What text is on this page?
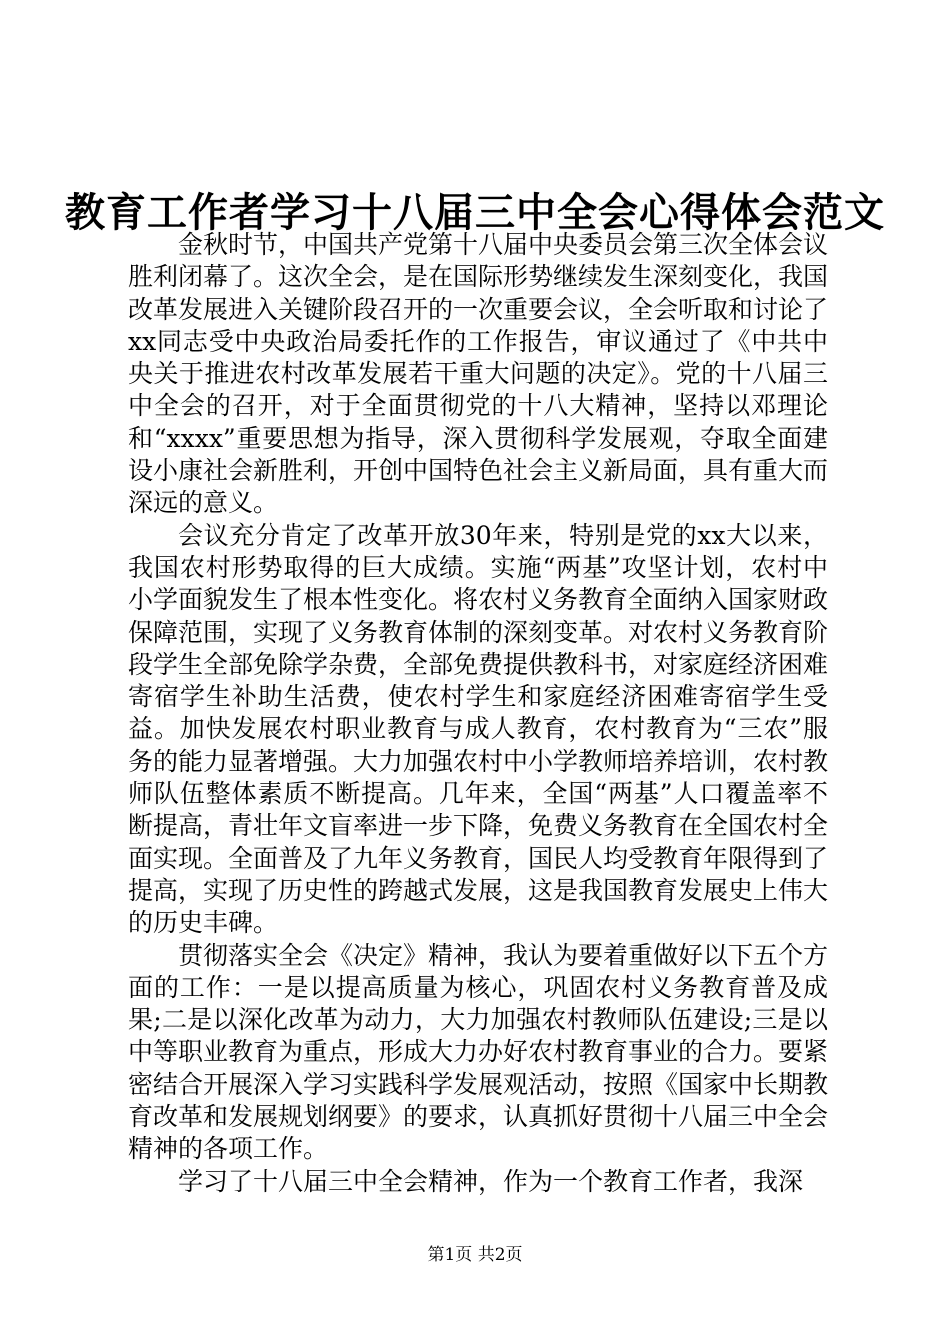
教育工作者学习十八届三中全会心得体会范文

金秋时节，中国共产党第十八届中央委员会第三次全体会议胜利闭幕了。这次全会，是在国际形势继续发生深刻变化，我国改革发展进入关键阶段召开的一次重要会议，全会听取和讨论了xx同志受中央政治局委托作的工作报告，审议通过了《中共中央关于推进农村改革发展若干重大问题的决定》。党的十八届三中全会的召开，对于全面贯彻党的十八大精神，坚持以邓理论和“xxxx”重要思想为指导，深入贯彻科学发展观，夺取全面建设小康社会新胜利，开创中国特色社会主义新局面，具有重大而深远的意义。

会议充分肯定了改革开放30年来，特别是党的xx大以来，我国农村形势取得的巨大成绩。实施“两基”攻坚计划，农村中小学面貌发生了根本性变化。将农村义务教育全面纳入国家财政保障范围，实现了义务教育体制的深刻变革。对农村义务教育阶段学生全部免除学杂费，全部免费提供教科书，对家庭经济困难寄宿学生补助生活费，使农村学生和家庭经济困难寄宿学生受益。加快发展农村职业教育与成人教育，农村教育为“三农”服务的能力显著增强。大力加强农村中小学教师培养培训，农村教师队伍整体素质不断提高。几年来，全国“两基”人口覆盖率不断提高，青壮年文盲率进一步下降，免费义务教育在全国农村全面实现。全面普及了九年义务教育，国民人均受教育年限得到了提高，实现了历史性的跨越式发展，这是我国教育发展史上伟大的历史丰碑。

贯彻落实全会《决定》精神，我认为要着重做好以下五个方面的工作：一是以提高质量为核心，巩固农村义务教育普及成果;二是以深化改革为动力，大力加强农村教师队伍建设;三是以中等职业教育为重点，形成大力办好农村教育事业的合力。要紧密结合开展深入学习实践科学发展观活动，按照《国家中长期教育改革和发展规划纲要》的要求，认真抓好贯彻十八届三中全会精神的各项工作。

学习了十八届三中全会精神，作为一个教育工作者，我深

第1页 共2页
